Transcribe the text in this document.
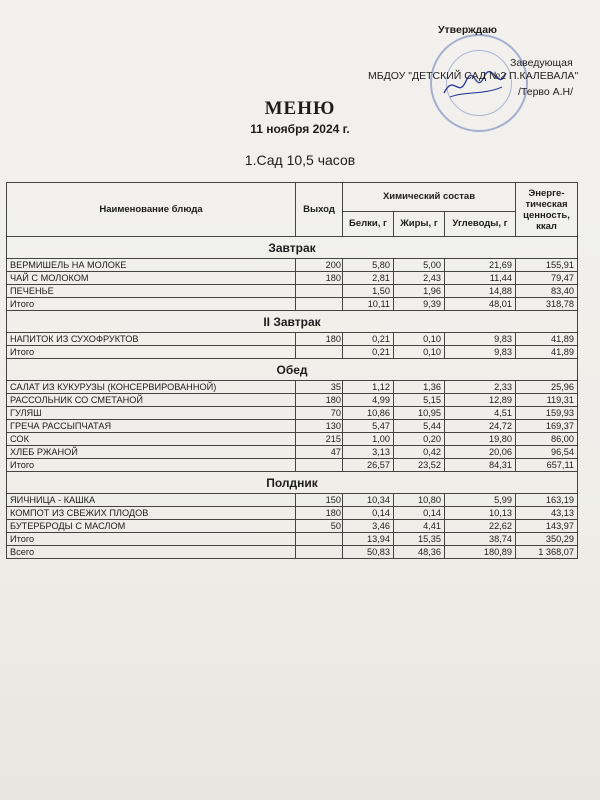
Утверждаю
Заведующая
МБДОУ "ДЕТСКИЙ САД №2 П.КАЛЕВАЛА"
/Терво А.Н/
МЕНЮ
11 ноября 2024 г.
1.Сад 10,5 часов
Наименование блюда	Выход	Химический состав			Энерге-тическая ценность, ккал
		Белки, г	Жиры, г	Углеводы, г	
Завтрак					
ВЕРМИШЕЛЬ НА МОЛОКЕ	200	5,80	5,00	21,69	155,91
ЧАЙ С МОЛОКОМ	180	2,81	2,43	11,44	79,47
ПЕЧЕНЬЕ		1,50	1,96	14,88	83,40
Итого		10,11	9,39	48,01	318,78
II Завтрак					
НАПИТОК ИЗ СУХОФРУКТОВ	180	0,21	0,10	9,83	41,89
Итого		0,21	0,10	9,83	41,89
Обед					
САЛАТ ИЗ КУКУРУЗЫ (КОНСЕРВИРОВАННОЙ)	35	1,12	1,36	2,33	25,96
РАССОЛЬНИК СО СМЕТАНОЙ	180	4,99	5,15	12,89	119,31
ГУЛЯШ	70	10,86	10,95	4,51	159,93
ГРЕЧА РАССЫПЧАТАЯ	130	5,47	5,44	24,72	169,37
СОК	215	1,00	0,20	19,80	86,00
ХЛЕБ РЖАНОЙ	47	3,13	0,42	20,06	96,54
Итого		26,57	23,52	84,31	657,11
Полдник					
ЯИЧНИЦА - КАШКА	150	10,34	10,80	5,99	163,19
КОМПОТ ИЗ СВЕЖИХ ПЛОДОВ	180	0,14	0,14	10,13	43,13
БУТЕРБРОДЫ С МАСЛОМ	50	3,46	4,41	22,62	143,97
Итого		13,94	15,35	38,74	350,29
Всего		50,83	48,36	180,89	1 368,07
